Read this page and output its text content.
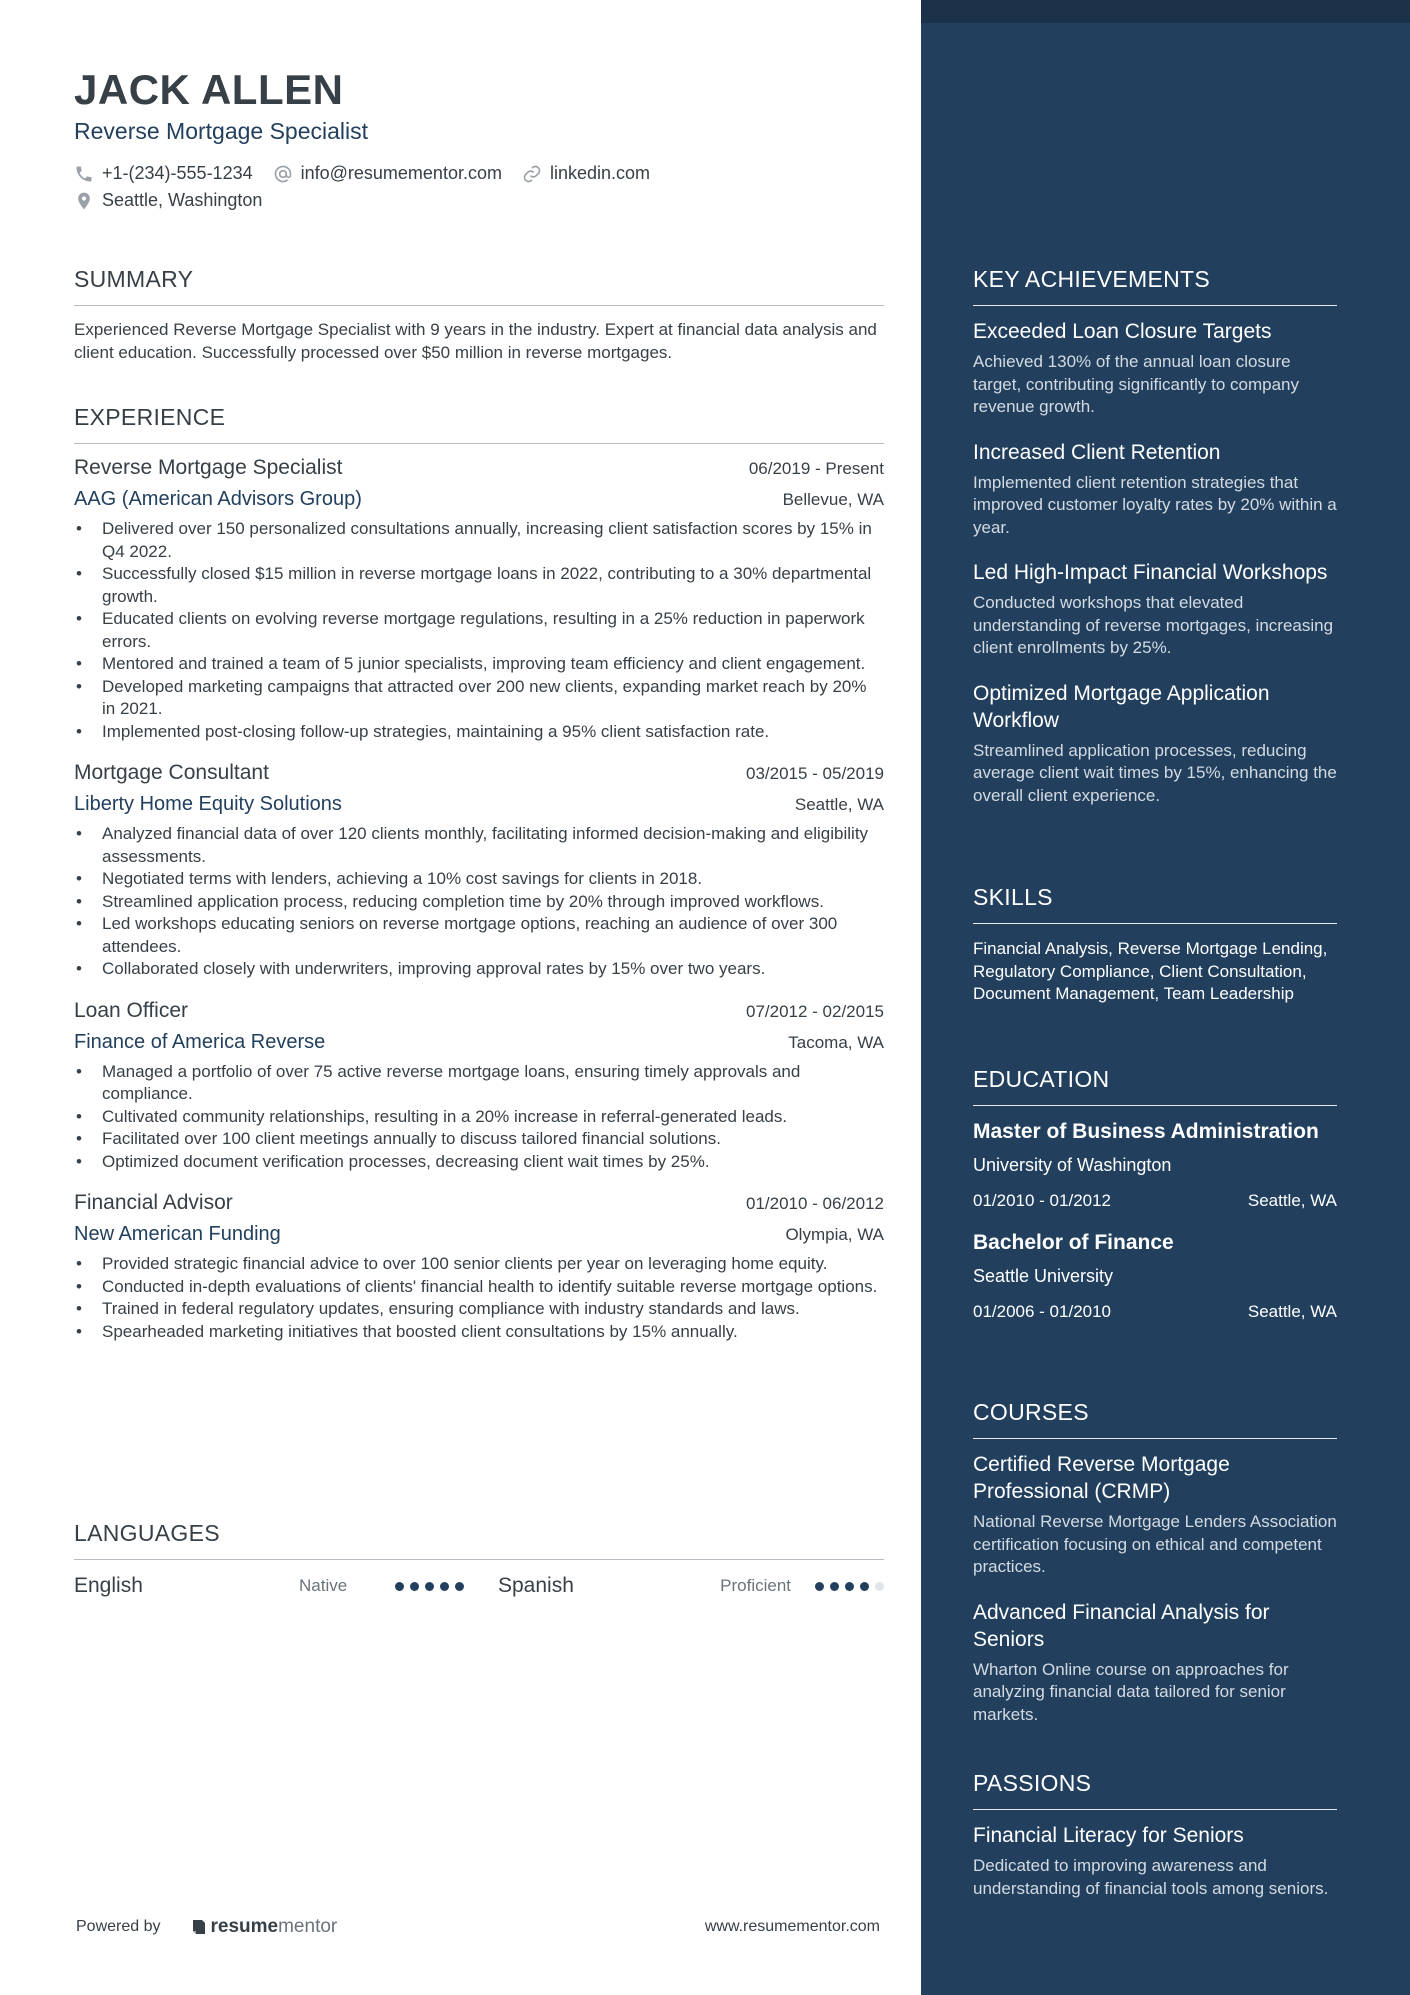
JACK ALLEN
Reverse Mortgage Specialist
+1-(234)-555-1234	info@resumementor.com	linkedin.com
Seattle, Washington
SUMMARY
Experienced Reverse Mortgage Specialist with 9 years in the industry. Expert at financial data analysis and client education. Successfully processed over $50 million in reverse mortgages.
EXPERIENCE
Reverse Mortgage Specialist	06/2019 - Present
AAG (American Advisors Group)	Bellevue, WA
• Delivered over 150 personalized consultations annually, increasing client satisfaction scores by 15% in Q4 2022.
• Successfully closed $15 million in reverse mortgage loans in 2022, contributing to a 30% departmental growth.
• Educated clients on evolving reverse mortgage regulations, resulting in a 25% reduction in paperwork errors.
• Mentored and trained a team of 5 junior specialists, improving team efficiency and client engagement.
• Developed marketing campaigns that attracted over 200 new clients, expanding market reach by 20% in 2021.
• Implemented post-closing follow-up strategies, maintaining a 95% client satisfaction rate.
Mortgage Consultant	03/2015 - 05/2019
Liberty Home Equity Solutions	Seattle, WA
• Analyzed financial data of over 120 clients monthly, facilitating informed decision-making and eligibility assessments.
• Negotiated terms with lenders, achieving a 10% cost savings for clients in 2018.
• Streamlined application process, reducing completion time by 20% through improved workflows.
• Led workshops educating seniors on reverse mortgage options, reaching an audience of over 300 attendees.
• Collaborated closely with underwriters, improving approval rates by 15% over two years.
Loan Officer	07/2012 - 02/2015
Finance of America Reverse	Tacoma, WA
• Managed a portfolio of over 75 active reverse mortgage loans, ensuring timely approvals and compliance.
• Cultivated community relationships, resulting in a 20% increase in referral-generated leads.
• Facilitated over 100 client meetings annually to discuss tailored financial solutions.
• Optimized document verification processes, decreasing client wait times by 25%.
Financial Advisor	01/2010 - 06/2012
New American Funding	Olympia, WA
• Provided strategic financial advice to over 100 senior clients per year on leveraging home equity.
• Conducted in-depth evaluations of clients' financial health to identify suitable reverse mortgage options.
• Trained in federal regulatory updates, ensuring compliance with industry standards and laws.
• Spearheaded marketing initiatives that boosted client consultations by 15% annually.
LANGUAGES
English	Native	Spanish	Proficient
Powered by	resume mentor	www.resumementor.com
KEY ACHIEVEMENTS
Exceeded Loan Closure Targets
Achieved 130% of the annual loan closure target, contributing significantly to company revenue growth.
Increased Client Retention
Implemented client retention strategies that improved customer loyalty rates by 20% within a year.
Led High-Impact Financial Workshops
Conducted workshops that elevated understanding of reverse mortgages, increasing client enrollments by 25%.
Optimized Mortgage Application Workflow
Streamlined application processes, reducing average client wait times by 15%, enhancing the overall client experience.
SKILLS
Financial Analysis, Reverse Mortgage Lending, Regulatory Compliance, Client Consultation, Document Management, Team Leadership
EDUCATION
Master of Business Administration
University of Washington
01/2010 - 01/2012	Seattle, WA
Bachelor of Finance
Seattle University
01/2006 - 01/2010	Seattle, WA
COURSES
Certified Reverse Mortgage Professional (CRMP)
National Reverse Mortgage Lenders Association certification focusing on ethical and competent practices.
Advanced Financial Analysis for Seniors
Wharton Online course on approaches for analyzing financial data tailored for senior markets.
PASSIONS
Financial Literacy for Seniors
Dedicated to improving awareness and understanding of financial tools among seniors.
